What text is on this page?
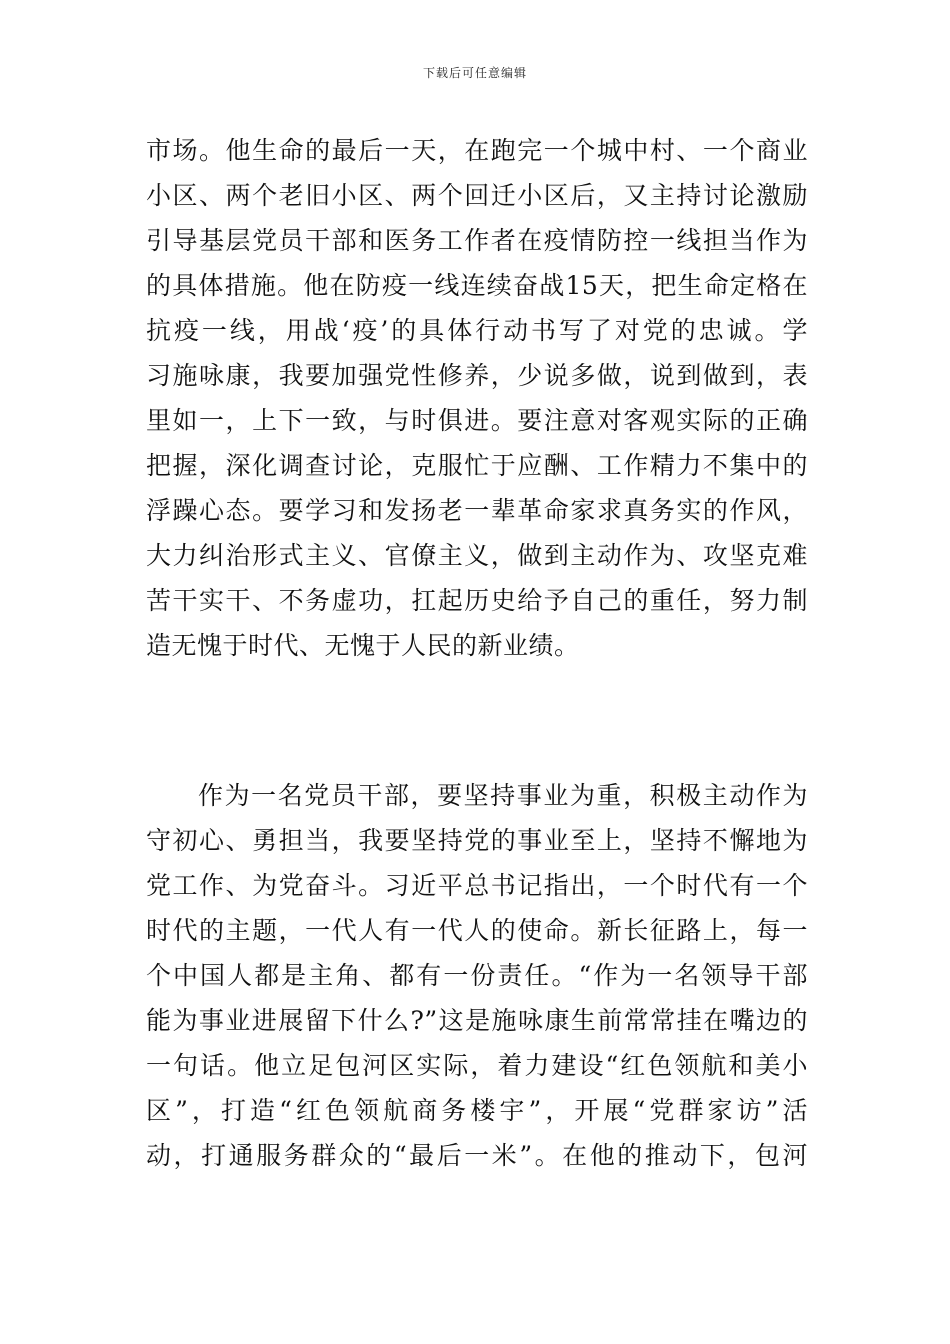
下载后可任意编辑
市场。他生命的最后一天，在跑完一个城中村、一个商业
小区、两个老旧小区、两个回迁小区后，又主持讨论激励
引导基层党员干部和医务工作者在疫情防控一线担当作为
的具体措施。他在防疫一线连续奋战15天，把生命定格在
抗疫一线，用战‘疫’的具体行动书写了对党的忠诚。学
习施咏康，我要加强党性修养，少说多做，说到做到，表
里如一，上下一致，与时俱进。要注意对客观实际的正确
把握，深化调查讨论，克服忙于应酬、工作精力不集中的
浮躁心态。要学习和发扬老一辈革命家求真务实的作风，
大力纠治形式主义、官僚主义，做到主动作为、攻坚克难
苦干实干、不务虚功，扛起历史给予自己的重任，努力制
造无愧于时代、无愧于人民的新业绩。
作为一名党员干部，要坚持事业为重，积极主动作为
守初心、勇担当，我要坚持党的事业至上，坚持不懈地为
党工作、为党奋斗。习近平总书记指出，一个时代有一个
时代的主题，一代人有一代人的使命。新长征路上，每一
个中国人都是主角、都有一份责任。“作为一名领导干部
能为事业进展留下什么?”这是施咏康生前常常挂在嘴边的
一句话。他立足包河区实际，着力建设“红色领航和美小
区”，打造“红色领航商务楼宇”，开展“党群家访”活
动，打通服务群众的“最后一米”。在他的推动下，包河
